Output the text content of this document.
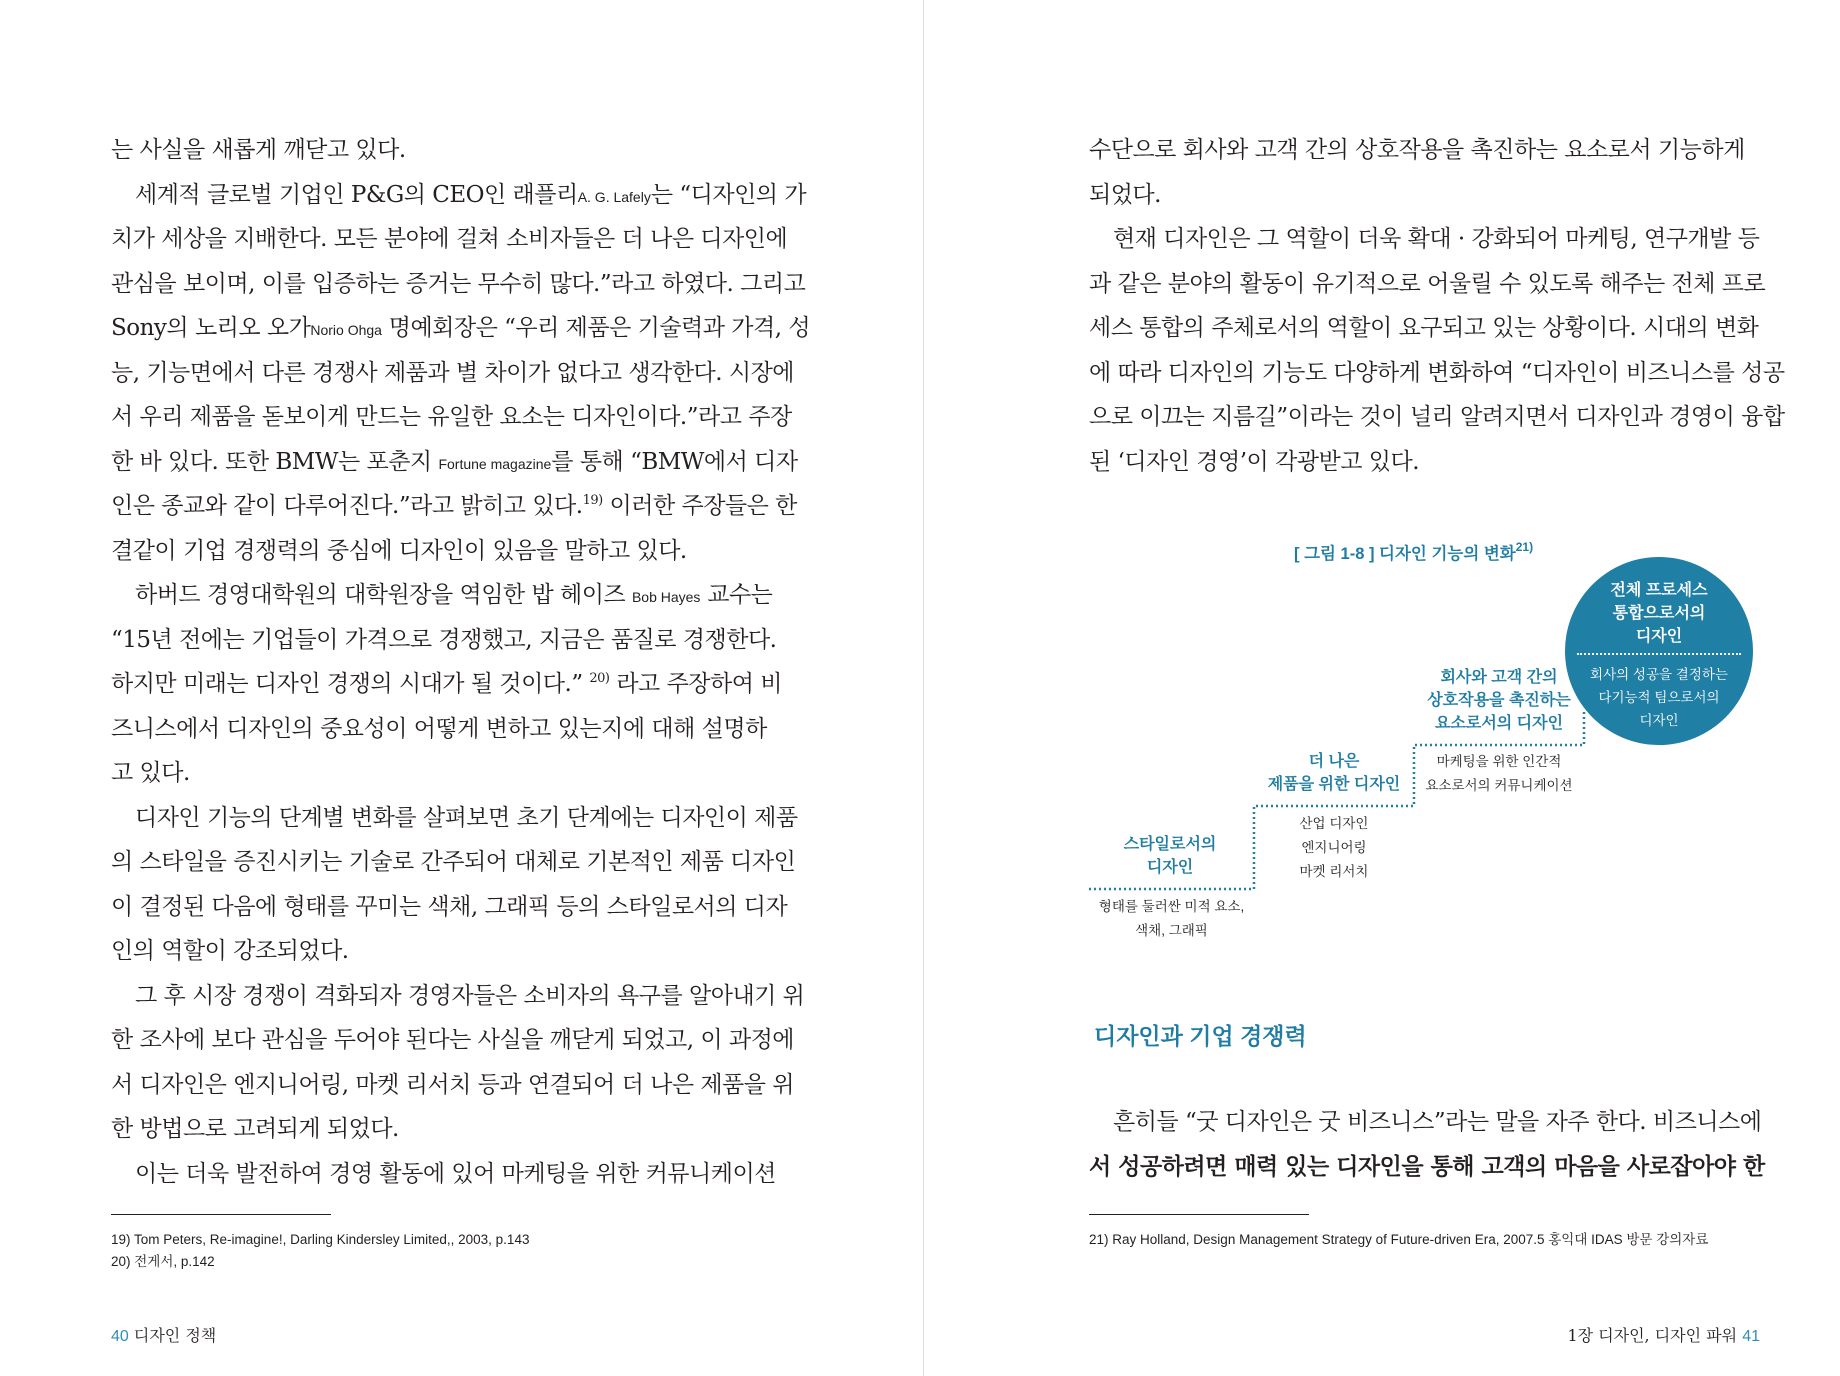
는 사실을 새롭게 깨닫고 있다.
세계적 글로벌 기업인 P&G의 CEO인 래플리A. G. Lafely는 “디자인의 가
치가 세상을 지배한다. 모든 분야에 걸쳐 소비자들은 더 나은 디자인에
관심을 보이며, 이를 입증하는 증거는 무수히 많다.”라고 하였다. 그리고
Sony의 노리오 오가Norio Ohga 명예회장은 “우리 제품은 기술력과 가격, 성
능, 기능면에서 다른 경쟁사 제품과 별 차이가 없다고 생각한다. 시장에
서 우리 제품을 돋보이게 만드는 유일한 요소는 디자인이다.”라고 주장
한 바 있다. 또한 BMW는 포춘지 Fortune magazine를 통해 “BMW에서 디자
인은 종교와 같이 다루어진다.”라고 밝히고 있다.$^{19)}$ 이러한 주장들은 한
결같이 기업 경쟁력의 중심에 디자인이 있음을 말하고 있다.
하버드 경영대학원의 대학원장을 역임한 밥 헤이즈 Bob Hayes 교수는
“15년 전에는 기업들이 가격으로 경쟁했고, 지금은 품질로 경쟁한다.
하지만 미래는 디자인 경쟁의 시대가 될 것이다.” $^{20)}$ 라고 주장하여 비
즈니스에서 디자인의 중요성이 어떻게 변하고 있는지에 대해 설명하
고 있다.
디자인 기능의 단계별 변화를 살펴보면 초기 단계에는 디자인이 제품
의 스타일을 증진시키는 기술로 간주되어 대체로 기본적인 제품 디자인
이 결정된 다음에 형태를 꾸미는 색채, 그래픽 등의 스타일로서의 디자
인의 역할이 강조되었다.
그 후 시장 경쟁이 격화되자 경영자들은 소비자의 욕구를 알아내기 위
한 조사에 보다 관심을 두어야 된다는 사실을 깨닫게 되었고, 이 과정에
서 디자인은 엔지니어링, 마켓 리서치 등과 연결되어 더 나은 제품을 위
한 방법으로 고려되게 되었다.
이는 더욱 발전하여 경영 활동에 있어 마케팅을 위한 커뮤니케이션
19) Tom Peters, Re-imagine!, Darling Kindersley Limited,, 2003, p.143
20) 전게서, p.142
40 디자인 정책
수단으로 회사와 고객 간의 상호작용을 촉진하는 요소로서 기능하게
되었다.
현재 디자인은 그 역할이 더욱 확대 · 강화되어 마케팅, 연구개발 등
과 같은 분야의 활동이 유기적으로 어울릴 수 있도록 해주는 전체 프로
세스 통합의 주체로서의 역할이 요구되고 있는 상황이다. 시대의 변화
에 따라 디자인의 기능도 다양하게 변화하여 “디자인이 비즈니스를 성공
으로 이끄는 지름길”이라는 것이 널리 알려지면서 디자인과 경영이 융합
된 ‘디자인 경영’이 각광받고 있다.
[ 그림 1-8 ] 디자인 기능의 변화$^{21)}$
스타일로서의
디자인
형태를 둘러싼 미적 요소,
색채, 그래픽
더 나은
제품을 위한 디자인
산업 디자인
엔지니어링
마켓 리서치
회사와 고객 간의
상호작용을 촉진하는
요소로서의 디자인
마케팅을 위한 인간적
요소로서의 커뮤니케이션
전체 프로세스
통합으로서의
디자인
회사의 성공을 결정하는
다기능적 팀으로서의
디자인
디자인과 기업 경쟁력
흔히들 “굿 디자인은 굿 비즈니스”라는 말을 자주 한다. 비즈니스에
서 성공하려면 매력 있는 디자인을 통해 고객의 마음을 사로잡아야 한
21) Ray Holland, Design Management Strategy of Future-driven Era, 2007.5 홍익대 IDAS 방문 강의자료
1장 디자인, 디자인 파워 41
